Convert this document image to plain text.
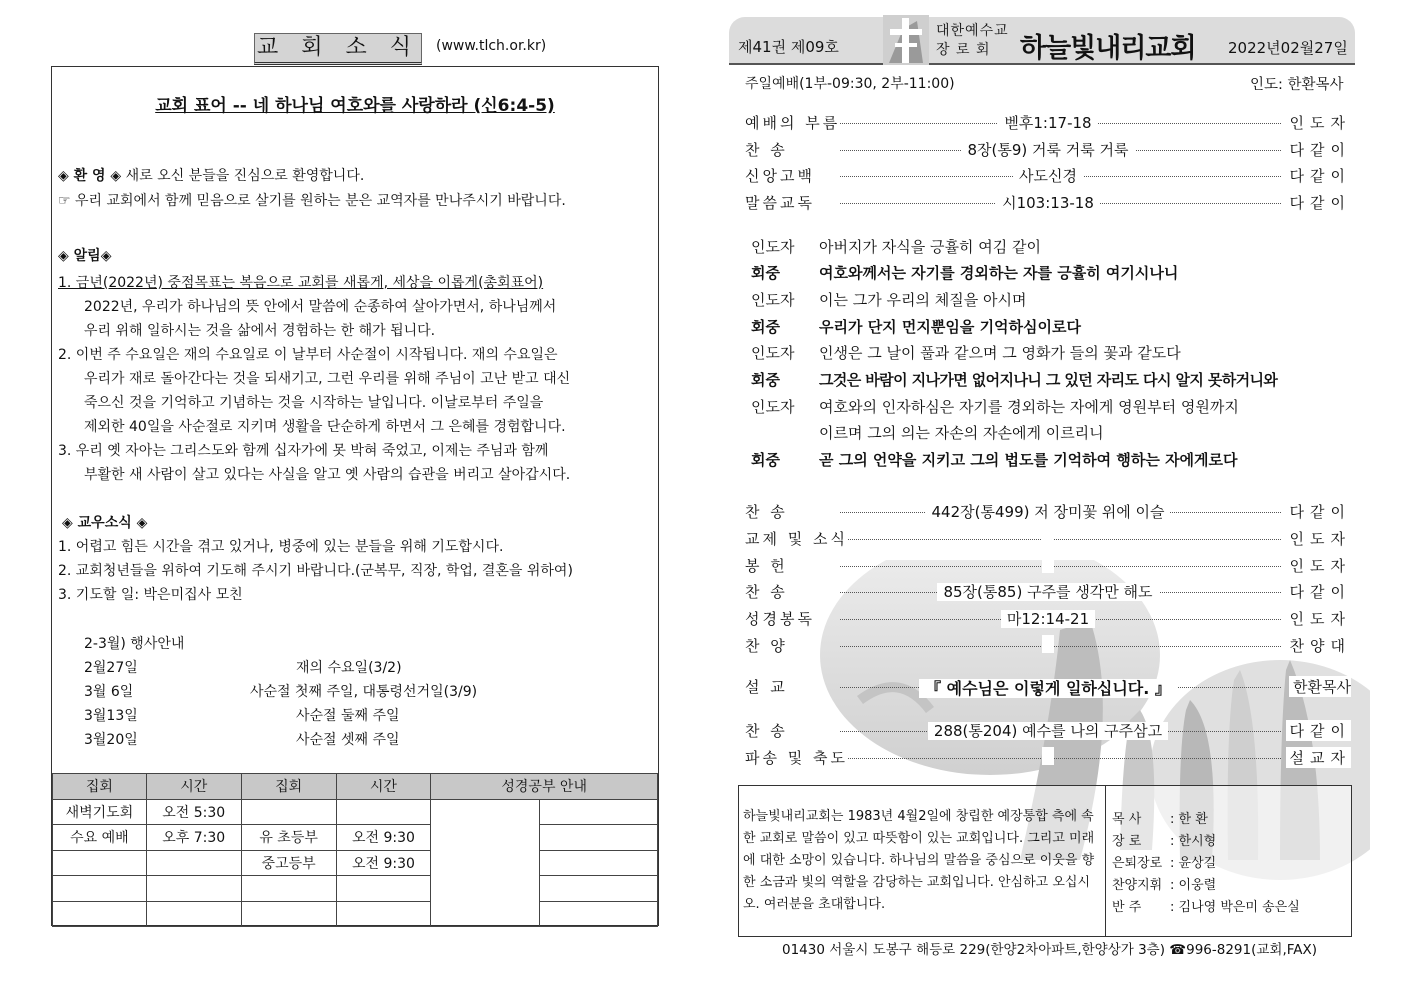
교 회 소 식 (www.tlch.or.kr)
교회 표어 -- 네 하나님 여호와를 사랑하라 (신6:4-5)
◈ 환 영 ◈ 새로 오신 분들을 진심으로 환영합니다.
☞ 우리 교회에서 함께 믿음으로 살기를 원하는 분은 교역자를 만나주시기 바랍니다.
◈ 알림◈
1. 금년(2022년) 중점목표는 복음으로 교회를 새롭게, 세상을 이롭게(총회표어)
2022년, 우리가 하나님의 뜻 안에서 말씀에 순종하여 살아가면서, 하나님께서
우리 위해 일하시는 것을 삶에서 경험하는 한 해가 됩니다.
2. 이번 주 수요일은 재의 수요일로 이 날부터 사순절이 시작됩니다. 재의 수요일은
우리가 재로 돌아간다는 것을 되새기고, 그런 우리를 위해 주님이 고난 받고 대신
죽으신 것을 기억하고 기념하는 것을 시작하는 날입니다. 이날로부터 주일을
제외한 40일을 사순절로 지키며 생활을 단순하게 하면서 그 은혜를 경험합니다.
3. 우리 옛 자아는 그리스도와 함께 십자가에 못 박혀 죽었고, 이제는 주님과 함께
부활한 새 사람이 살고 있다는 사실을 알고 옛 사람의 습관을 버리고 살아갑시다.
◈ 교우소식 ◈
1. 어렵고 힘든 시간을 겪고 있거나, 병중에 있는 분들을 위해 기도합시다.
2. 교회청년들을 위하여 기도해 주시기 바랍니다.(군복무, 직장, 학업, 결혼을 위하여)
3. 기도할 일: 박은미집사 모친
2-3월) 행사안내
2월27일	재의 수요일(3/2)
3월 6일	사순절 첫째 주일, 대통령선거일(3/9)
3월13일	사순절 둘째 주일
3월20일	사순절 셋째 주일
집회	시간	집회	시간	성경공부 안내	
새벽기도회	오전 5:30				
수요 예배	오후 7:30	유 초등부	오전 9:30		
		중고등부	오전 9:30		

제41권 제09호
대한예수교
장 로 회	하늘빛내리교회 2022년02월27일
주일예배(1부-09:30, 2부-11:00)	인도: 한환목사
예배의 부름	벧후1:17-18	인도자
찬 송	8장(통9) 거룩 거룩 거룩	다같이
신앙고백	사도신경	다같이
말씀교독	시103:13-18	다같이
인도자 아버지가 자식을 긍휼히 여김 같이
회중	여호와께서는 자기를 경외하는 자를 긍휼히 여기시나니
인도자 이는 그가 우리의 체질을 아시며
회중	우리가 단지 먼지뿐임을 기억하심이로다
인도자 인생은 그 날이 풀과 같으며 그 영화가 들의 꽃과 같도다
회중	그것은 바람이 지나가면 없어지나니 그 있던 자리도 다시 알지 못하거니와
인도자 여호와의 인자하심은 자기를 경외하는 자에게 영원부터 영원까지
이르며 그의 의는 자손의 자손에게 이르리니
회중	곧 그의 언약을 지키고 그의 법도를 기억하여 행하는 자에게로다
찬 송	442장(통499) 저 장미꽃 위에 이슬	다같이
교제 및 소식	인도자
봉 헌	인도자
찬 송	85장(통85) 구주를 생각만 해도	다같이
성경봉독	마12:14-21	인도자
찬 양	찬양대
설 교	『 예수님은 이렇게 일하십니다. 』	한환목사
찬 송	288(통204) 예수를 나의 구주삼고	다같이
파송 및 축도	설교자
하늘빛내리교회는 1983년 4월2일에 창립한 예장통합 측에 속한 교회로 말씀이 있고 따뜻함이 있는 교회입니다. 그리고 미래에 대한 소망이 있습니다. 하나님의 말씀을 중심으로 이웃을 향한 소금과 빛의 역할을 감당하는 교회입니다. 안심하고 오십시오. 여러분을 초대합니다.
목 사 : 한 환
장 로 : 한시형
은퇴장로 : 윤상길
찬양지휘 : 이웅렬
반 주 : 김나영 박은미 송은실
01430 서울시 도봉구 해등로 229(한양2차아파트,한양상가 3층) ☎996-8291(교회,FAX)
